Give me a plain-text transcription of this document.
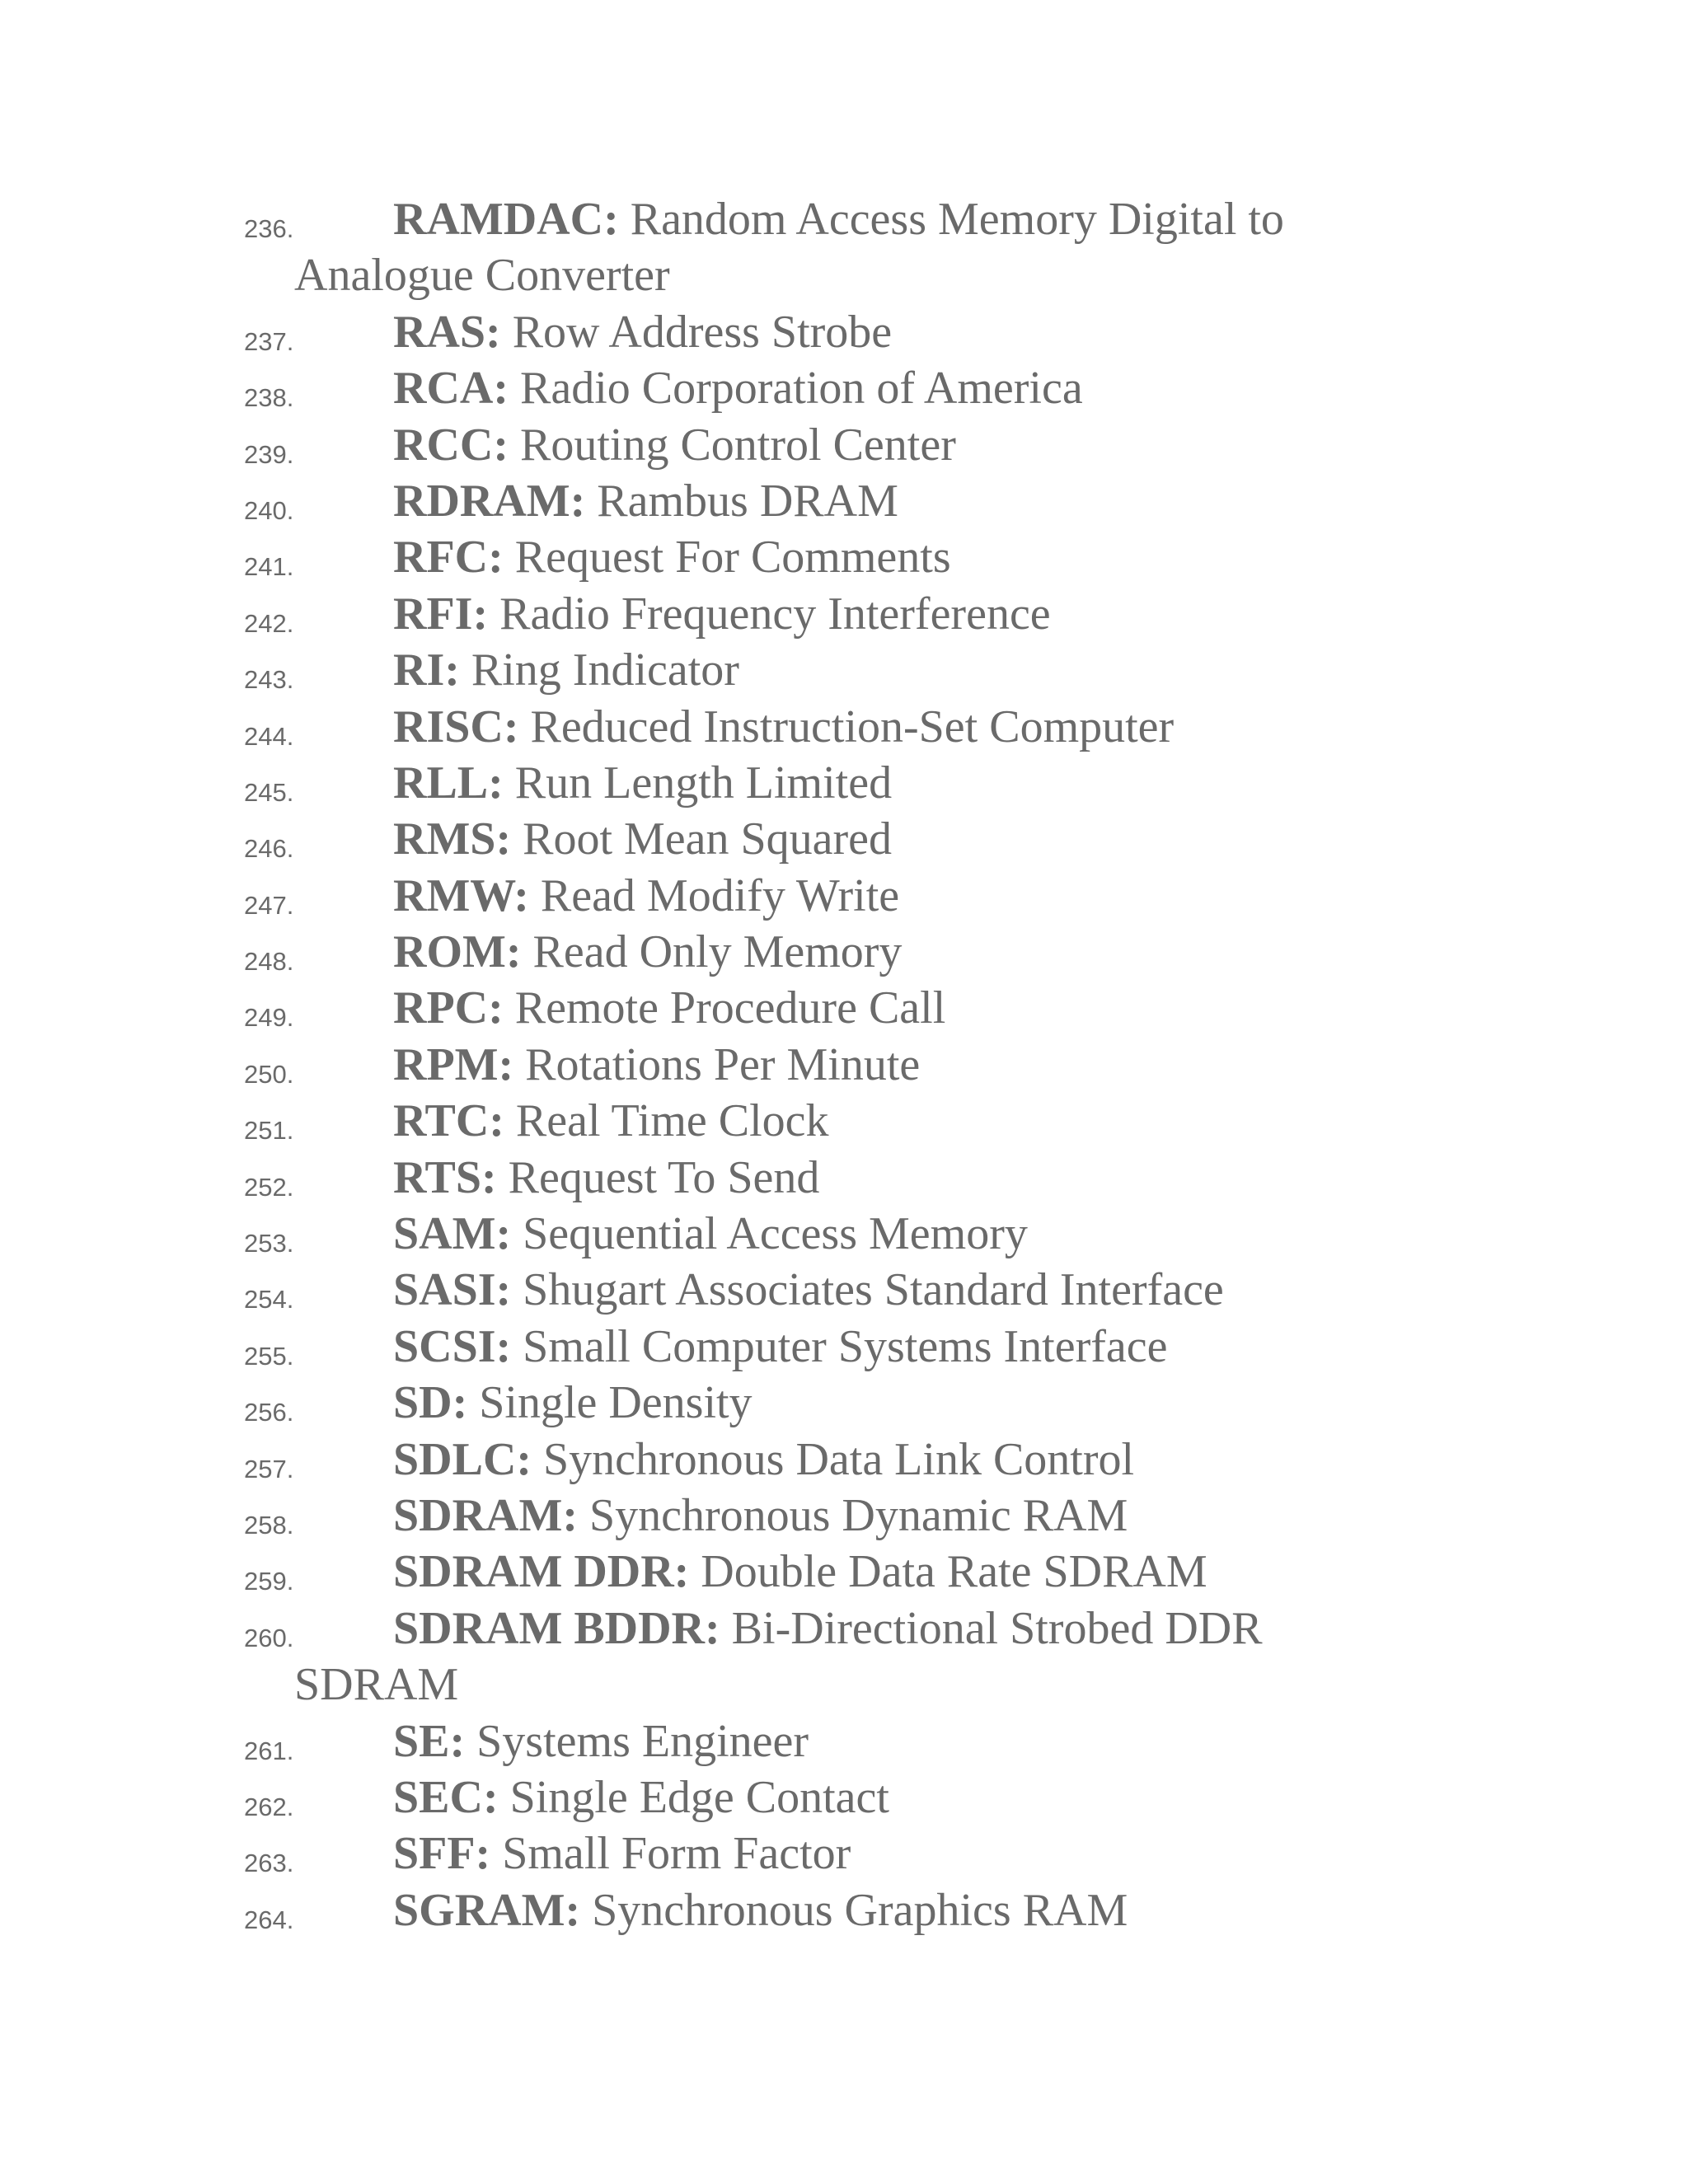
236.	RAMDAC: Random Access Memory Digital to
Analogue Converter
237.	RAS: Row Address Strobe
238.	RCA: Radio Corporation of America
239.	RCC: Routing Control Center
240.	RDRAM: Rambus DRAM
241.	RFC: Request For Comments
242.	RFI: Radio Frequency Interference
243.	RI: Ring Indicator
244.	RISC: Reduced Instruction-Set Computer
245.	RLL: Run Length Limited
246.	RMS: Root Mean Squared
247.	RMW: Read Modify Write
248.	ROM: Read Only Memory
249.	RPC: Remote Procedure Call
250.	RPM: Rotations Per Minute
251.	RTC: Real Time Clock
252.	RTS: Request To Send
253.	SAM: Sequential Access Memory
254.	SASI: Shugart Associates Standard Interface
255.	SCSI: Small Computer Systems Interface
256.	SD: Single Density
257.	SDLC: Synchronous Data Link Control
258.	SDRAM: Synchronous Dynamic RAM
259.	SDRAM DDR: Double Data Rate SDRAM
260.	SDRAM BDDR: Bi-Directional Strobed DDR
SDRAM
261.	SE: Systems Engineer
262.	SEC: Single Edge Contact
263.	SFF: Small Form Factor
264.	SGRAM: Synchronous Graphics RAM
